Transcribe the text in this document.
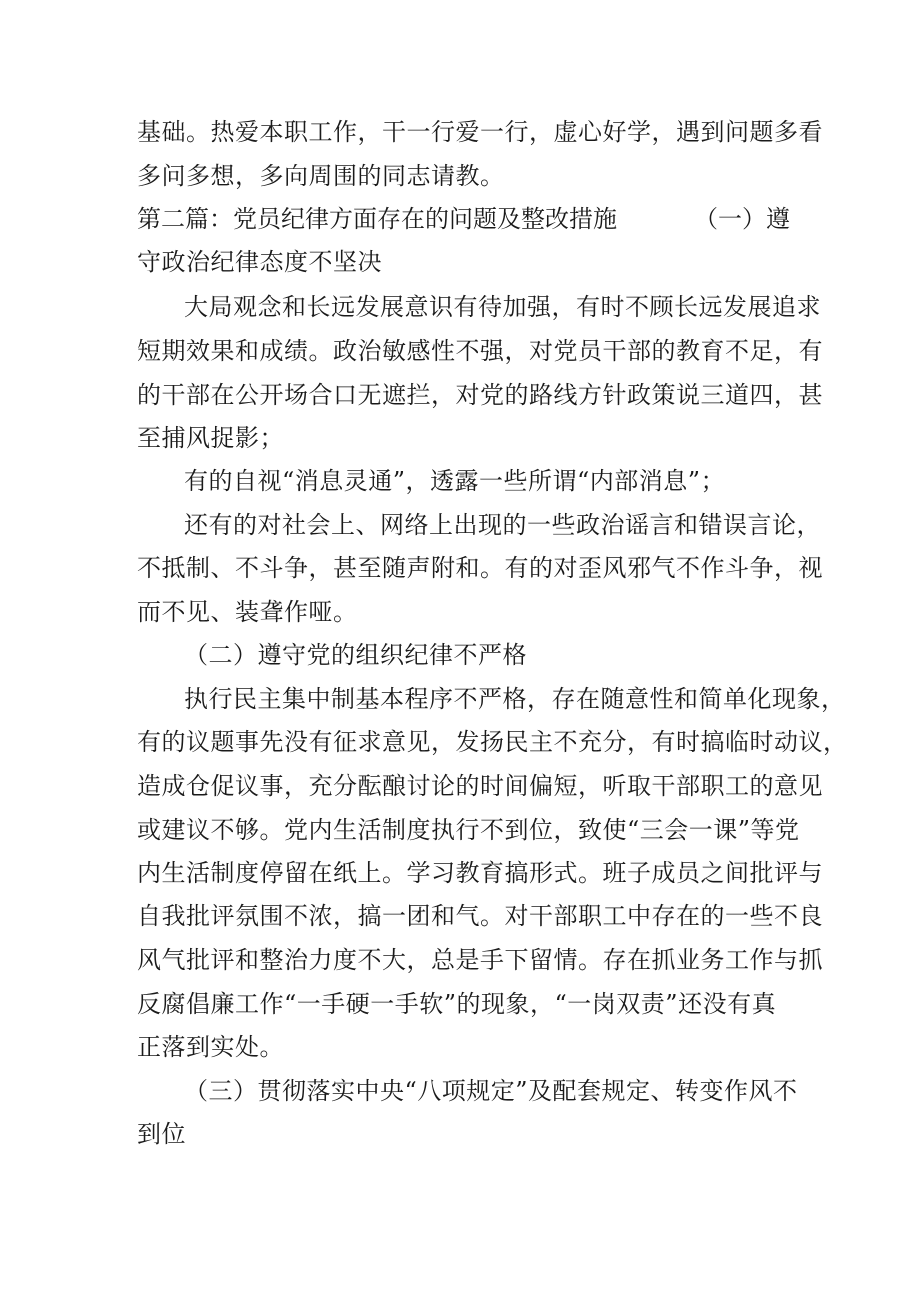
基础。热爱本职工作，干一行爱一行，虚心好学，遇到问题多看
多问多想，多向周围的同志请教。
第二篇：党员纪律方面存在的问题及整改措施	（一）遵
守政治纪律态度不坚决
大局观念和长远发展意识有待加强，有时不顾长远发展追求
短期效果和成绩。政治敏感性不强，对党员干部的教育不足，有
的干部在公开场合口无遮拦，对党的路线方针政策说三道四，甚
至捕风捉影；
有的自视“消息灵通”，透露一些所谓“内部消息”；
还有的对社会上、网络上出现的一些政治谣言和错误言论，
不抵制、不斗争，甚至随声附和。有的对歪风邪气不作斗争，视
而不见、装聋作哑。
（二）遵守党的组织纪律不严格
执行民主集中制基本程序不严格，存在随意性和简单化现象，
有的议题事先没有征求意见，发扬民主不充分，有时搞临时动议，
造成仓促议事，充分酝酿讨论的时间偏短，听取干部职工的意见
或建议不够。党内生活制度执行不到位，致使“三会一课”等党
内生活制度停留在纸上。学习教育搞形式。班子成员之间批评与
自我批评氛围不浓，搞一团和气。对干部职工中存在的一些不良
风气批评和整治力度不大，总是手下留情。存在抓业务工作与抓
反腐倡廉工作“一手硬一手软”的现象，“一岗双责”还没有真
正落到实处。
（三）贯彻落实中央“八项规定”及配套规定、转变作风不
到位
